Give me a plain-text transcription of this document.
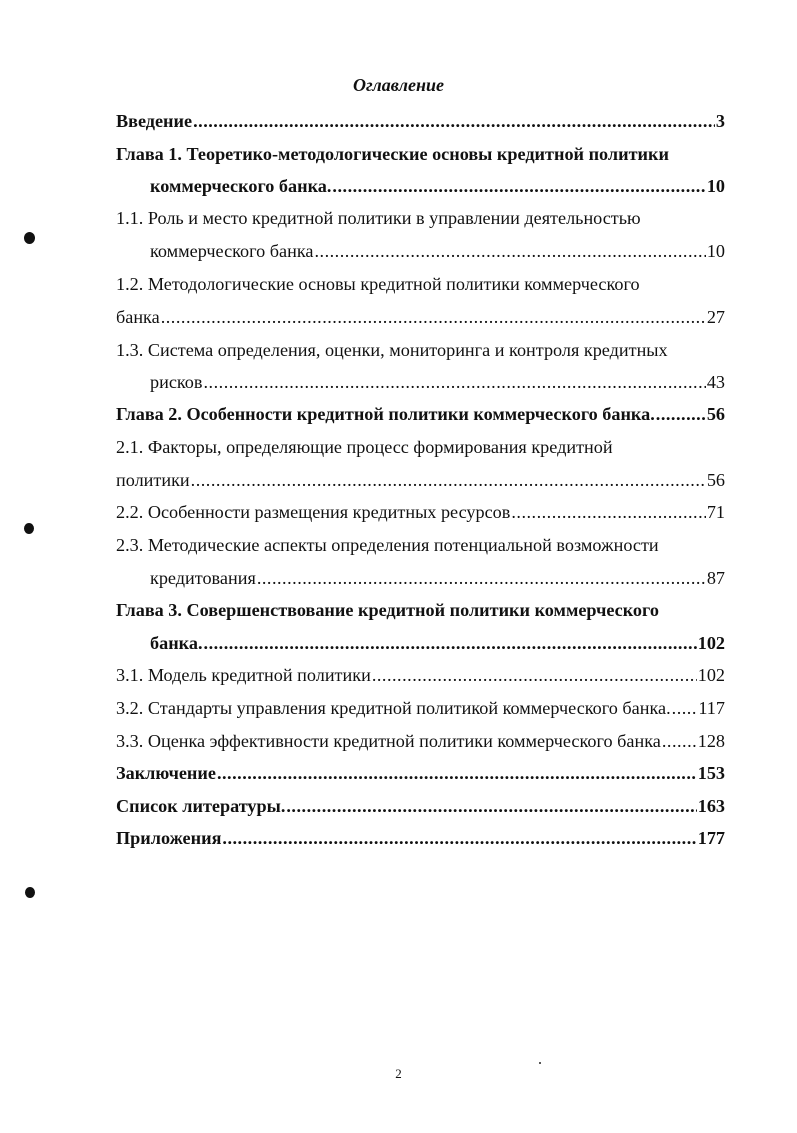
Оглавление
Введение .....	3
Глава 1. Теоретико-методологические основы кредитной политики
коммерческого банка. .....	10
1.1. Роль и место кредитной политики в управлении деятельностью
коммерческого банка .....	10
1.2. Методологические основы кредитной политики коммерческого
банка .....	27
1.3. Система определения, оценки, мониторинга и контроля кредитных
рисков .....	43
Глава 2. Особенности кредитной политики коммерческого банка. .....	56
2.1. Факторы, определяющие процесс формирования кредитной
политики .....	56
2.2. Особенности размещения кредитных ресурсов .....	71
2.3. Методические аспекты определения потенциальной возможности
кредитования .....	87
Глава 3. Совершенствование кредитной политики коммерческого
банка. .....	102
3.1. Модель кредитной политики .....	102
3.2. Стандарты управления кредитной политикой коммерческого банка. ..... 117
3.3. Оценка эффективности кредитной политики коммерческого банка ..... 128
Заключение .....	153
Список литературы. .....	163
Приложения .....	177
2
